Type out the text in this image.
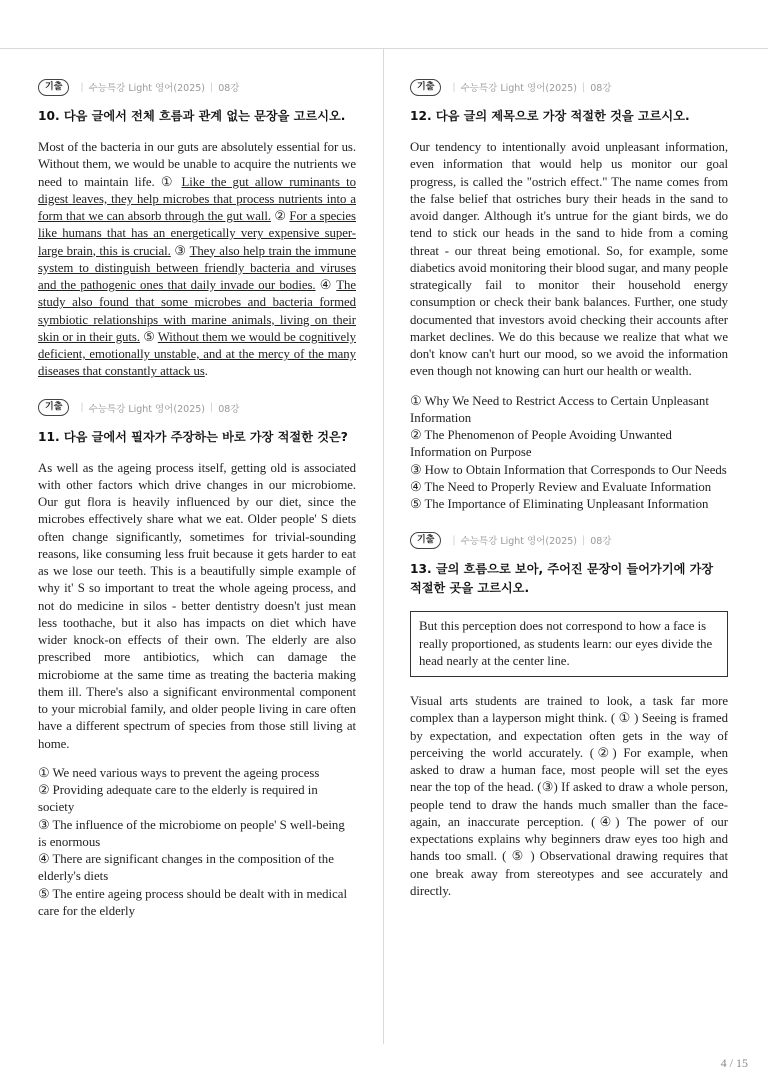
기출	| 수능특강 Light 영어(2025) | 08강
10. 다음 글에서 전체 흐름과 관계 없는 문장을 고르시오.
Most of the bacteria in our guts are absolutely essential for us. Without them, we would be unable to acquire the nutrients we need to maintain life. ① Like the gut allow ruminants to digest leaves, they help microbes that process nutrients into a form that we can absorb through the gut wall. ② For a species like humans that has an energetically very expensive super-large brain, this is crucial. ③ They also help train the immune system to distinguish between friendly bacteria and viruses and the pathogenic ones that daily invade our bodies. ④ The study also found that some microbes and bacteria formed symbiotic relationships with marine animals, living on their skin or in their guts. ⑤ Without them we would be cognitively deficient, emotionally unstable, and at the mercy of the many diseases that constantly attack us.
기출	| 수능특강 Light 영어(2025) | 08강
11. 다음 글에서 필자가 주장하는 바로 가장 적절한 것은?
As well as the ageing process itself, getting old is associated with other factors which drive changes in our microbiome. Our gut flora is heavily influenced by our diet, since the microbes effectively share what we eat. Older people' S diets often change significantly, sometimes for trivial-sounding reasons, like consuming less fruit because it gets harder to eat as we lose our teeth. This is a beautifully simple example of why it' S so important to treat the whole ageing process, and not do medicine in silos - better dentistry doesn't just mean less toothache, but it also has impacts on diet which have wider knock-on effects of their own. The elderly are also prescribed more antibiotics, which can damage the microbiome at the same time as treating the bacteria making them ill. There's also a significant environmental component to your microbial family, and older people living in care often have a different spectrum of species from those still living at home.
① We need various ways to prevent the ageing process
② Providing adequate care to the elderly is required in society
③ The influence of the microbiome on people' S well-being is enormous
④ There are significant changes in the composition of the elderly's diets
⑤ The entire ageing process should be dealt with in medical care for the elderly
기출	| 수능특강 Light 영어(2025) | 08강
12. 다음 글의 제목으로 가장 적절한 것을 고르시오.
Our tendency to intentionally avoid unpleasant information, even information that would help us monitor our goal progress, is called the "ostrich effect." The name comes from the false belief that ostriches bury their heads in the sand to avoid danger. Although it's untrue for the giant birds, we do tend to stick our heads in the sand to hide from a coming threat - our threat being emotional. So, for example, some diabetics avoid monitoring their blood sugar, and many people strategically fail to monitor their household energy consumption or check their bank balances. Further, one study documented that investors avoid checking their accounts after market declines. We do this because we realize that what we don't know can't hurt our mood, so we avoid the information even though not knowing can hurt our health or wealth.
① Why We Need to Restrict Access to Certain Unpleasant Information
② The Phenomenon of People Avoiding Unwanted Information on Purpose
③ How to Obtain Information that Corresponds to Our Needs
④ The Need to Properly Review and Evaluate Information
⑤ The Importance of Eliminating Unpleasant Information
기출	| 수능특강 Light 영어(2025) | 08강
13. 글의 흐름으로 보아, 주어진 문장이 들어가기에 가장 적절한 곳을 고르시오.
But this perception does not correspond to how a face is really proportioned, as students learn: our eyes divide the head nearly at the center line.
Visual arts students are trained to look, a task far more complex than a layperson might think. ( ① ) Seeing is framed by expectation, and expectation often gets in the way of perceiving the world accurately. (②) For example, when asked to draw a human face, most people will set the eyes near the top of the head. (③) If asked to draw a whole person, people tend to draw the hands much smaller than the face- again, an inaccurate perception. (④) The power of our expectations explains why beginners draw eyes too high and hands too small. ( ⑤ ) Observational drawing requires that one break away from stereotypes and see accurately and directly.
4 / 15
